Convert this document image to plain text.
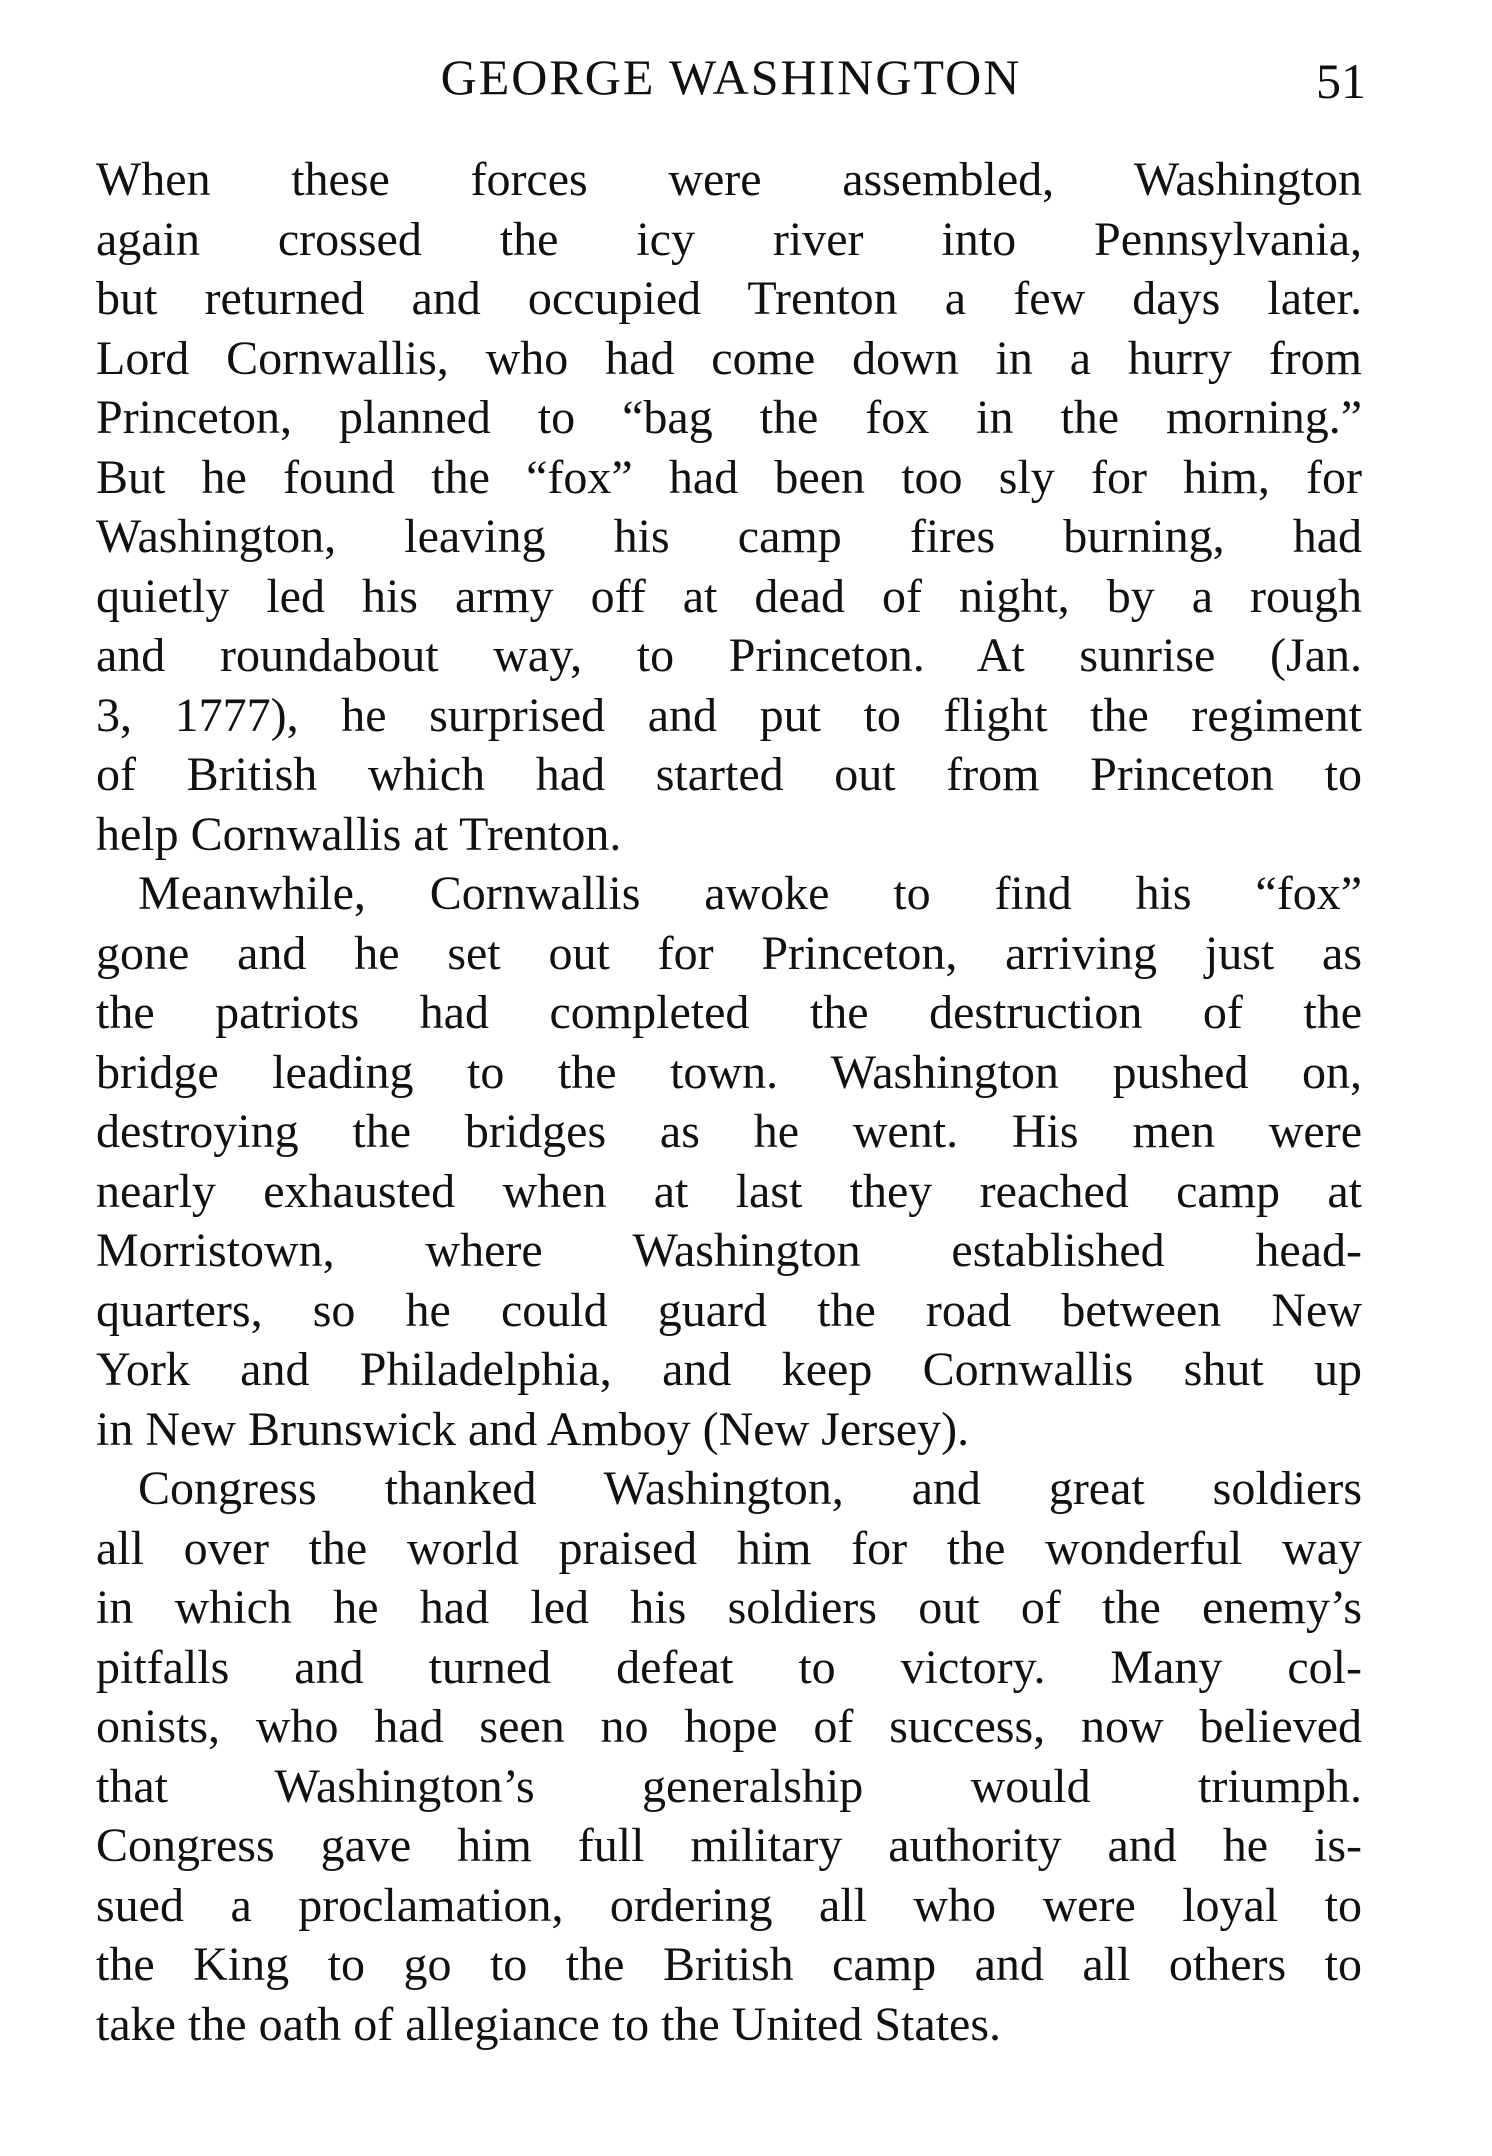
GEORGE WASHINGTON	51
When these forces were assembled, Washington
again crossed the icy river into Pennsylvania,
but returned and occupied Trenton a few days later.
Lord Cornwallis, who had come down in a hurry from
Princeton, planned to “bag the fox in the morning.”
But he found the “fox” had been too sly for him, for
Washington, leaving his camp fires burning, had
quietly led his army off at dead of night, by a rough
and roundabout way, to Princeton. At sunrise (Jan.
3, 1777), he surprised and put to flight the regiment
of British which had started out from Princeton to
help Cornwallis at Trenton.
Meanwhile, Cornwallis awoke to find his “fox”
gone and he set out for Princeton, arriving just as
the patriots had completed the destruction of the
bridge leading to the town. Washington pushed on,
destroying the bridges as he went. His men were
nearly exhausted when at last they reached camp at
Morristown, where Washington established head-
quarters, so he could guard the road between New
York and Philadelphia, and keep Cornwallis shut up
in New Brunswick and Amboy (New Jersey).
Congress thanked Washington, and great soldiers
all over the world praised him for the wonderful way
in which he had led his soldiers out of the enemy’s
pitfalls and turned defeat to victory. Many col-
onists, who had seen no hope of success, now believed
that Washington’s generalship would triumph.
Congress gave him full military authority and he is-
sued a proclamation, ordering all who were loyal to
the King to go to the British camp and all others to
take the oath of allegiance to the United States.
